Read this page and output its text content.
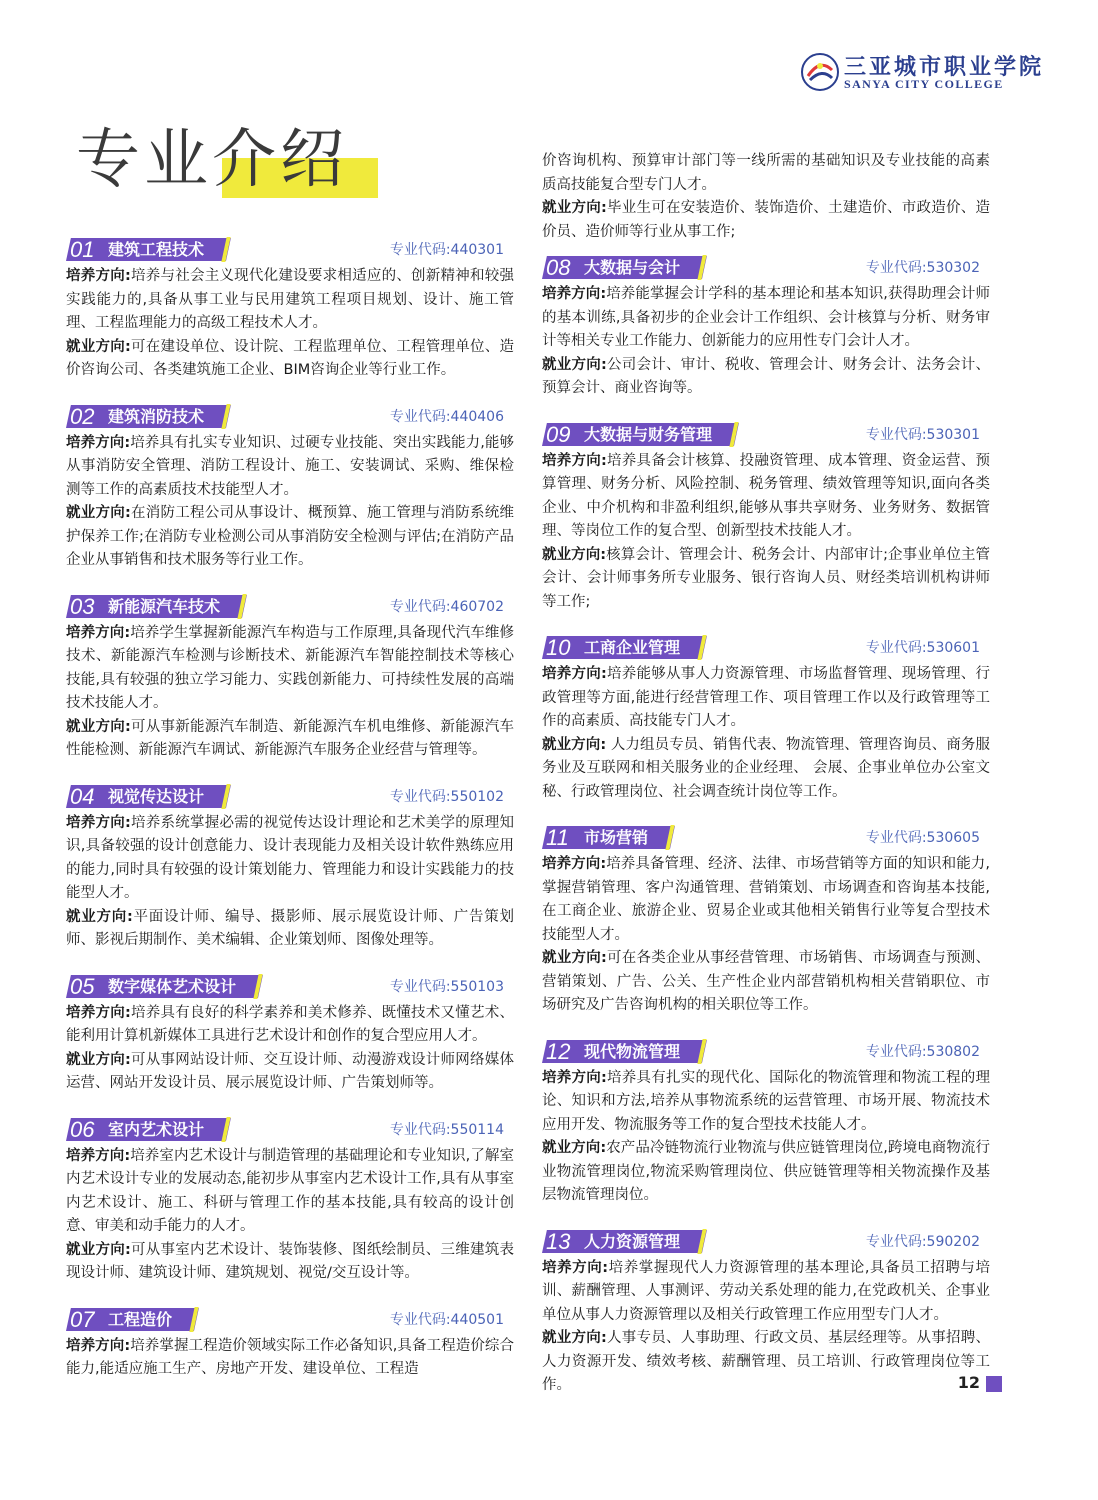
三亚城市职业学院
SANYA CITY COLLEGE
专业介绍
01 建筑工程技术	专业代码:440301

培养方向:培养与社会主义现代化建设要求相适应的、创新精神和较强实践能力的,具备从事工业与民用建筑工程项目规划、设计、施工管理、工程监理能力的高级工程技术人才。

就业方向:可在建设单位、设计院、工程监理单位、工程管理单位、造价咨询公司、各类建筑施工企业、BIM咨询企业等行业工作。

02 建筑消防技术	专业代码:440406

培养方向:培养具有扎实专业知识、过硬专业技能、突出实践能力,能够从事消防安全管理、消防工程设计、施工、安装调试、采购、维保检测等工作的高素质技术技能型人才。

就业方向:在消防工程公司从事设计、概预算、施工管理与消防系统维护保养工作;在消防专业检测公司从事消防安全检测与评估;在消防产品企业从事销售和技术服务等行业工作。

03 新能源汽车技术	专业代码:460702

培养方向:培养学生掌握新能源汽车构造与工作原理,具备现代汽车维修技术、新能源汽车检测与诊断技术、新能源汽车智能控制技术等核心技能,具有较强的独立学习能力、实践创新能力、可持续性发展的高端技术技能人才。

就业方向:可从事新能源汽车制造、新能源汽车机电维修、新能源汽车性能检测、新能源汽车调试、新能源汽车服务企业经营与管理等。

04 视觉传达设计	专业代码:550102

培养方向:培养系统掌握必需的视觉传达设计理论和艺术美学的原理知识,具备较强的设计创意能力、设计表现能力及相关设计软件熟练应用的能力,同时具有较强的设计策划能力、管理能力和设计实践能力的技能型人才。

就业方向:平面设计师、编导、摄影师、展示展览设计师、广告策划师、影视后期制作、美术编辑、企业策划师、图像处理等。

05 数字媒体艺术设计	专业代码:550103

培养方向:培养具有良好的科学素养和美术修养、既懂技术又懂艺术、能利用计算机新媒体工具进行艺术设计和创作的复合型应用人才。

就业方向:可从事网站设计师、交互设计师、动漫游戏设计师网络媒体运营、网站开发设计员、展示展览设计师、广告策划师等。

06 室内艺术设计	专业代码:550114

培养方向:培养室内艺术设计与制造管理的基础理论和专业知识,了解室内艺术设计专业的发展动态,能初步从事室内艺术设计工作,具有从事室内艺术设计、施工、科研与管理工作的基本技能,具有较高的设计创意、审美和动手能力的人才。

就业方向:可从事室内艺术设计、装饰装修、图纸绘制员、三维建筑表现设计师、建筑设计师、建筑规划、视觉/交互设计等。

07 工程造价	专业代码:440501

培养方向:培养掌握工程造价领域实际工作必备知识,具备工程造价综合能力,能适应施工生产、房地产开发、建设单位、工程造

价咨询机构、预算审计部门等一线所需的基础知识及专业技能的高素质高技能复合型专门人才。

就业方向:毕业生可在安装造价、装饰造价、土建造价、市政造价、造价员、造价师等行业从事工作;

08 大数据与会计	专业代码:530302

培养方向:培养能掌握会计学科的基本理论和基本知识,获得助理会计师的基本训练,具备初步的企业会计工作组织、会计核算与分析、财务审计等相关专业工作能力、创新能力的应用性专门会计人才。

就业方向:公司会计、审计、税收、管理会计、财务会计、法务会计、预算会计、商业咨询等。

09 大数据与财务管理	专业代码:530301

培养方向:培养具备会计核算、投融资管理、成本管理、资金运营、预算管理、财务分析、风险控制、税务管理、绩效管理等知识,面向各类企业、中介机构和非盈利组织,能够从事共享财务、业务财务、数据管理、等岗位工作的复合型、创新型技术技能人才。

就业方向:核算会计、管理会计、税务会计、内部审计;企事业单位主管会计、会计师事务所专业服务、银行咨询人员、财经类培训机构讲师等工作;

10 工商企业管理	专业代码:530601

培养方向:培养能够从事人力资源管理、市场监督管理、现场管理、行政管理等方面,能进行经营管理工作、项目管理工作以及行政管理等工作的高素质、高技能专门人才。

就业方向: 人力组员专员、销售代表、物流管理、管理咨询员、商务服务业及互联网和相关服务业的企业经理、 会展、企事业单位办公室文秘、行政管理岗位、社会调查统计岗位等工作。

11 市场营销	专业代码:530605

培养方向:培养具备管理、经济、法律、市场营销等方面的知识和能力,掌握营销管理、客户沟通管理、营销策划、市场调查和咨询基本技能,在工商企业、旅游企业、贸易企业或其他相关销售行业等复合型技术技能型人才。

就业方向:可在各类企业从事经营管理、市场销售、市场调查与预测、营销策划、广告、公关、生产性企业内部营销机构相关营销职位、市场研究及广告咨询机构的相关职位等工作。

12 现代物流管理	专业代码:530802

培养方向:培养具有扎实的现代化、国际化的物流管理和物流工程的理论、知识和方法,培养从事物流系统的运营管理、市场开展、物流技术应用开发、物流服务等工作的复合型技术技能人才。

就业方向:农产品冷链物流行业物流与供应链管理岗位,跨境电商物流行业物流管理岗位,物流采购管理岗位、供应链管理等相关物流操作及基层物流管理岗位。

13 人力资源管理	专业代码:590202

培养方向:培养掌握现代人力资源管理的基本理论,具备员工招聘与培训、薪酬管理、人事测评、劳动关系处理的能力,在党政机关、企事业单位从事人力资源管理以及相关行政管理工作应用型专门人才。

就业方向:人事专员、人事助理、行政文员、基层经理等。从事招聘、人力资源开发、绩效考核、薪酬管理、员工培训、行政管理岗位等工作。	12
